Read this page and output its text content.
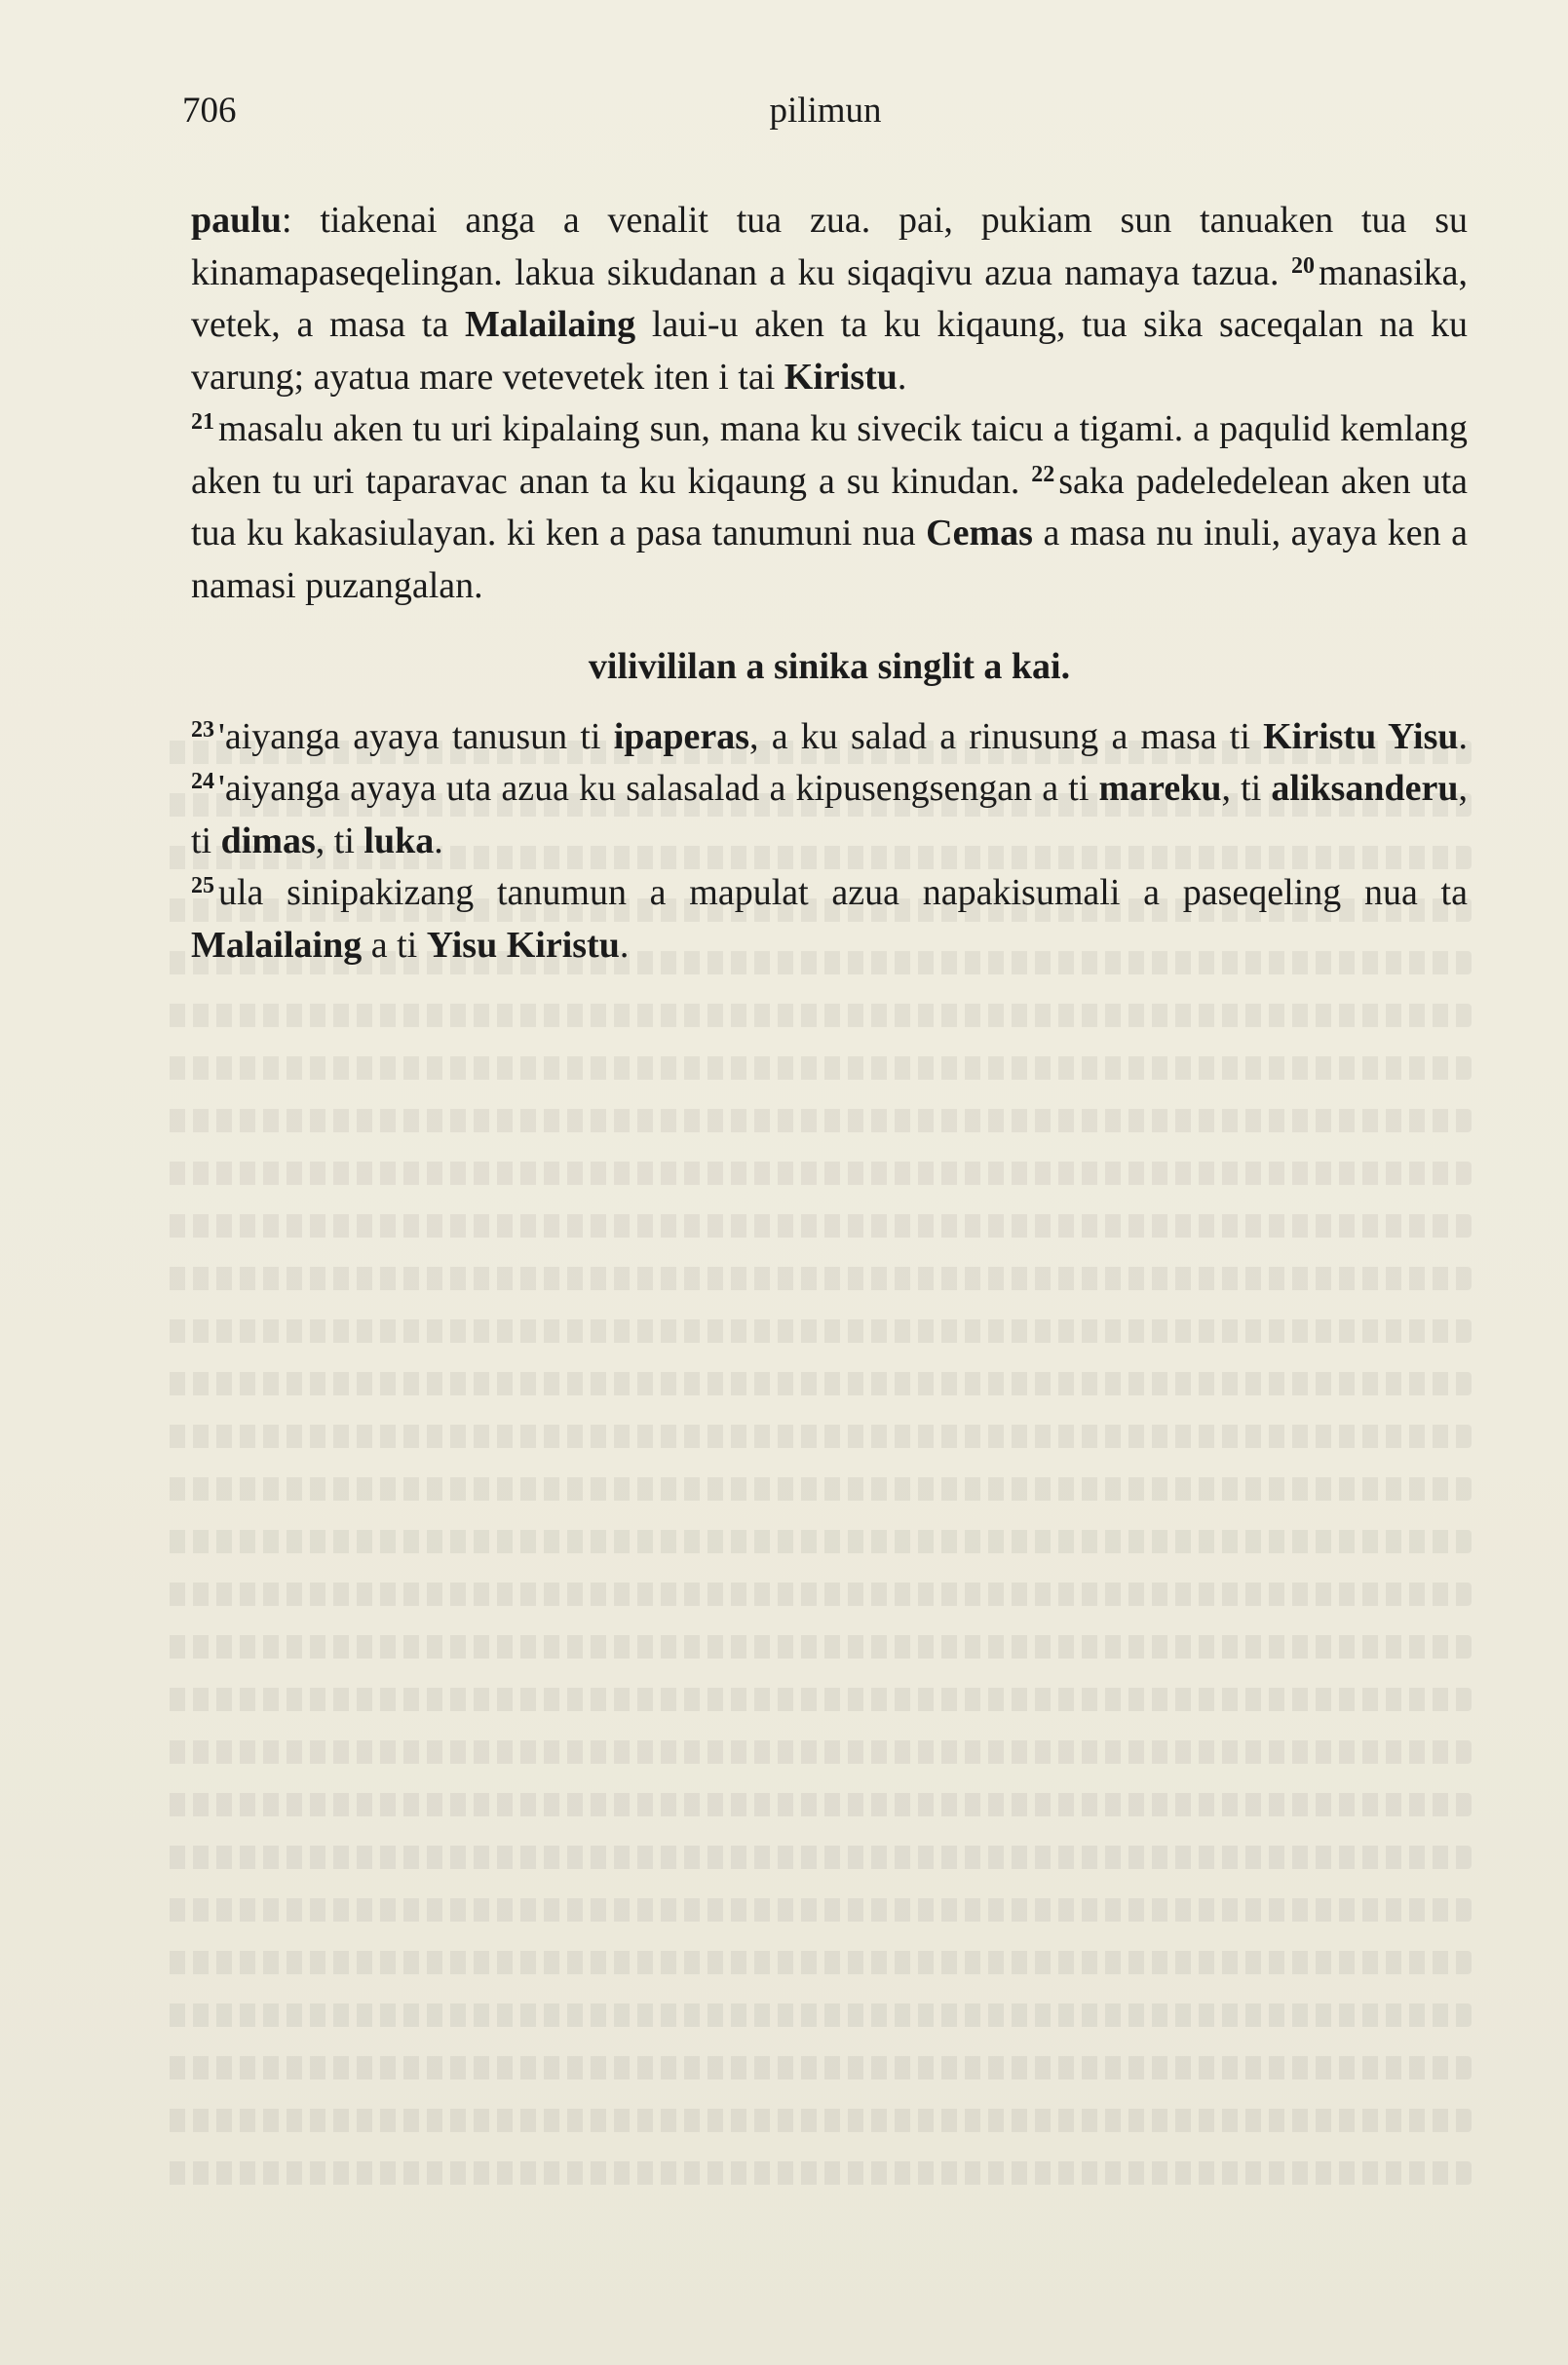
706	pilimun

paulu: tiakenai anga a venalit tua zua. pai, pukiam sun tanuaken tua su kinamapaseqelingan. lakua sikudanan a ku siqaqivu azua namaya tazua. $^{20}$ manasika, vetek, a masa ta Malailaing laui-u aken ta ku kiqaung, tua sika saceqalan na ku varung; ayatua mare vetevetek iten i tai Kiristu.

$^{21}$ masalu aken tu uri kipalaing sun, mana ku sivecik taicu a tigami. a paqulid kemlang aken tu uri taparavac anan ta ku kiqaung a su kinudan. $^{22}$ saka padeledelean aken uta tua ku kakasiulayan. ki ken a pasa tanumuni nua Cemas a masa nu inuli, ayaya ken a namasi puzangalan.

vilivililan a sinika singlit a kai.

$^{23}$ 'aiyanga ayaya tanusun ti ipaperas, a ku salad a rinusung a masa ti Kiristu Yisu. $^{24}$ 'aiyanga ayaya uta azua ku salasalad a kipusengsengan a ti mareku, ti aliksanderu, ti dimas, ti luka.

$^{25}$ ula sinipakizang tanumun a mapulat azua napakisumali a paseqeling nua ta Malailaing a ti Yisu Kiristu.
